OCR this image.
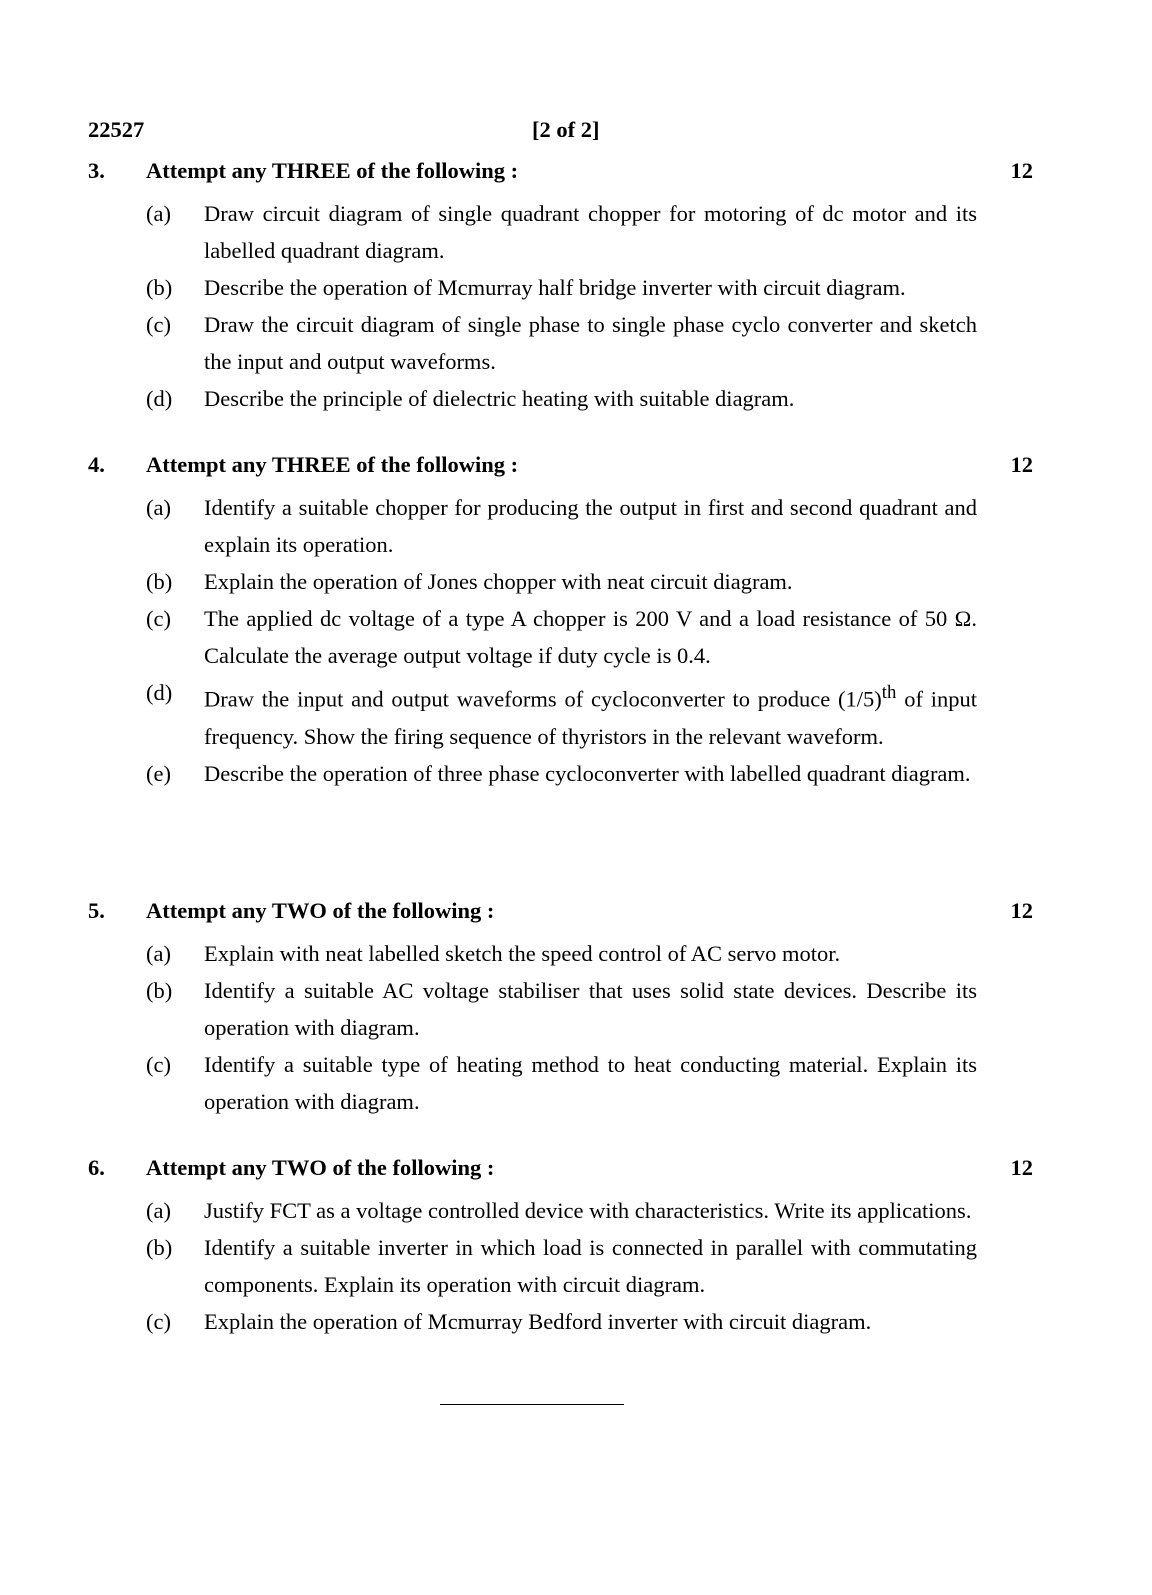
22527	[2 of 2]
3. Attempt any THREE of the following :	12
(a) Draw circuit diagram of single quadrant chopper for motoring of dc motor and its labelled quadrant diagram.
(b) Describe the operation of Mcmurray half bridge inverter with circuit diagram.
(c) Draw the circuit diagram of single phase to single phase cyclo converter and sketch the input and output waveforms.
(d) Describe the principle of dielectric heating with suitable diagram.
4. Attempt any THREE of the following :	12
(a) Identify a suitable chopper for producing the output in first and second quadrant and explain its operation.
(b) Explain the operation of Jones chopper with neat circuit diagram.
(c) The applied dc voltage of a type A chopper is 200 V and a load resistance of 50 Ω. Calculate the average output voltage if duty cycle is 0.4.
(d) Draw the input and output waveforms of cycloconverter to produce $(1/5)^{th}$ of input frequency. Show the firing sequence of thyristors in the relevant waveform.
(e) Describe the operation of three phase cycloconverter with labelled quadrant diagram.
5. Attempt any TWO of the following :	12
(a) Explain with neat labelled sketch the speed control of AC servo motor.
(b) Identify a suitable AC voltage stabiliser that uses solid state devices. Describe its operation with diagram.
(c) Identify a suitable type of heating method to heat conducting material. Explain its operation with diagram.
6. Attempt any TWO of the following :	12
(a) Justify FCT as a voltage controlled device with characteristics. Write its applications.
(b) Identify a suitable inverter in which load is connected in parallel with commutating components. Explain its operation with circuit diagram.
(c) Explain the operation of Mcmurray Bedford inverter with circuit diagram.
